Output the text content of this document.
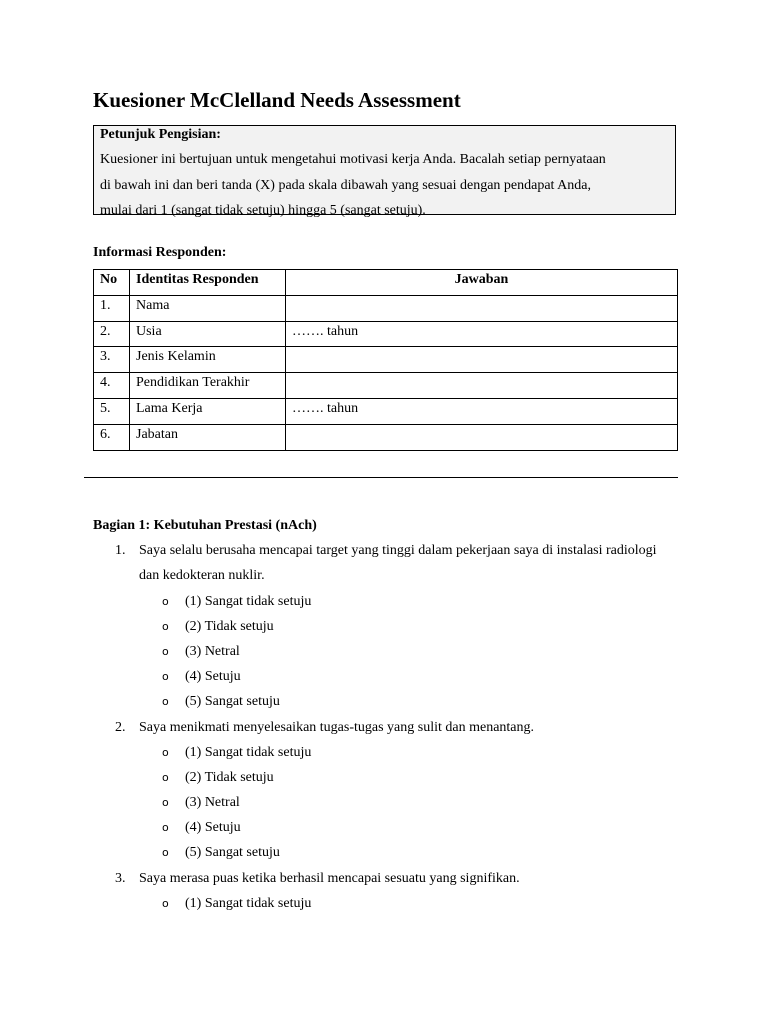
Kuesioner McClelland Needs Assessment
Petunjuk Pengisian:
Kuesioner ini bertujuan untuk mengetahui motivasi kerja Anda. Bacalah setiap pernyataan
di bawah ini dan beri tanda (X) pada skala dibawah yang sesuai dengan pendapat Anda,
mulai dari 1 (sangat tidak setuju) hingga 5 (sangat setuju).
Informasi Responden:
No	Identitas Responden	Jawaban
1.	Nama	
2.	Usia	……. tahun
3.	Jenis Kelamin	
4.	Pendidikan Terakhir	
5.	Lama Kerja	……. tahun
6.	Jabatan	
Bagian 1: Kebutuhan Prestasi (nAch)
1. Saya selalu berusaha mencapai target yang tinggi dalam pekerjaan saya di instalasi radiologi dan kedokteran nuklir.
o (1) Sangat tidak setuju
o (2) Tidak setuju
o (3) Netral
o (4) Setuju
o (5) Sangat setuju
2. Saya menikmati menyelesaikan tugas-tugas yang sulit dan menantang.
o (1) Sangat tidak setuju
o (2) Tidak setuju
o (3) Netral
o (4) Setuju
o (5) Sangat setuju
3. Saya merasa puas ketika berhasil mencapai sesuatu yang signifikan.
o (1) Sangat tidak setuju
